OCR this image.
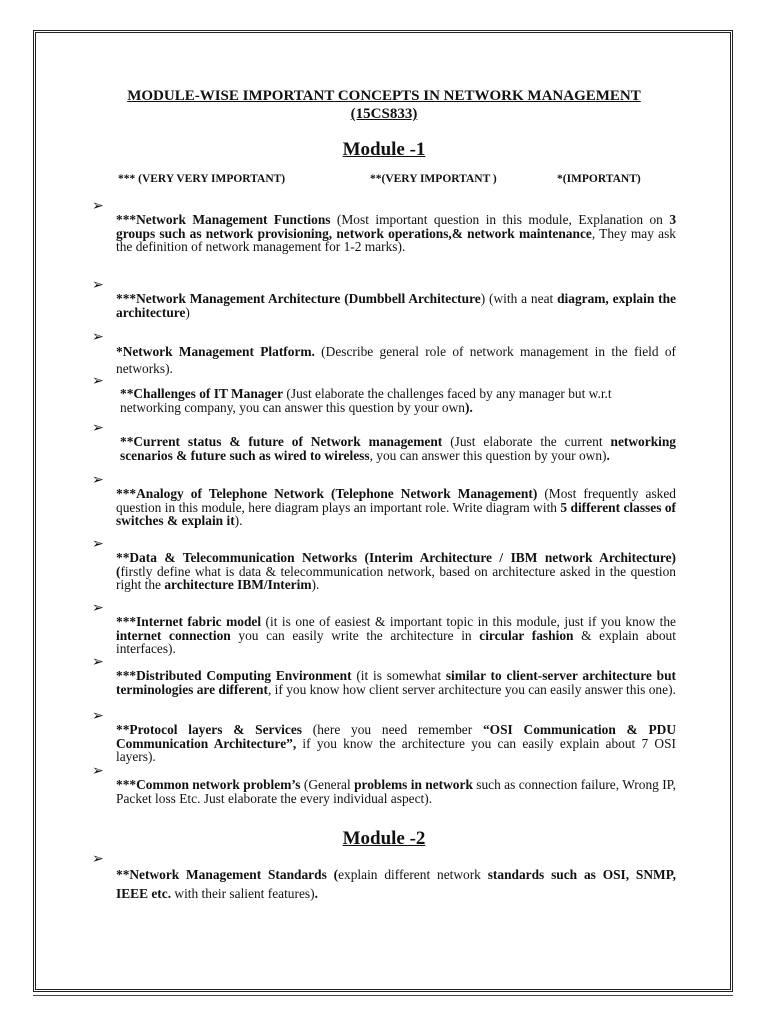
MODULE-WISE IMPORTANT CONCEPTS IN NETWORK MANAGEMENT
(15CS833)
Module -1
*** (VERY VERY IMPORTANT)	**(VERY IMPORTANT )	*(IMPORTANT)
➢
***Network Management Functions (Most important question in this module, Explanation on 3 groups such as network provisioning, network operations,& network maintenance, They may ask the definition of network management for 1-2 marks).
➢
***Network Management Architecture (Dumbbell Architecture) (with a neat diagram, explain the architecture)
➢
*Network Management Platform. (Describe general role of network management in the field of networks).
➢
**Challenges of IT Manager (Just elaborate the challenges faced by any manager but w.r.t networking company, you can answer this question by your own).
➢
**Current status & future of Network management (Just elaborate the current networking scenarios & future such as wired to wireless, you can answer this question by your own).
➢
***Analogy of Telephone Network (Telephone Network Management) (Most frequently asked question in this module, here diagram plays an important role. Write diagram with 5 different classes of switches & explain it).
➢
**Data & Telecommunication Networks (Interim Architecture / IBM network Architecture) (firstly define what is data & telecommunication network, based on architecture asked in the question right the architecture IBM/Interim).
➢
***Internet fabric model (it is one of easiest & important topic in this module, just if you know the internet connection you can easily write the architecture in circular fashion & explain about interfaces).
➢
***Distributed Computing Environment (it is somewhat similar to client-server architecture but terminologies are different, if you know how client server architecture you can easily answer this one).
➢
**Protocol layers & Services (here you need remember “OSI Communication & PDU Communication Architecture”, if you know the architecture you can easily explain about 7 OSI layers).
➢
***Common network problem’s (General problems in network such as connection failure, Wrong IP, Packet loss Etc. Just elaborate the every individual aspect).
Module -2
➢
**Network Management Standards (explain different network standards such as OSI, SNMP, IEEE etc. with their salient features).
